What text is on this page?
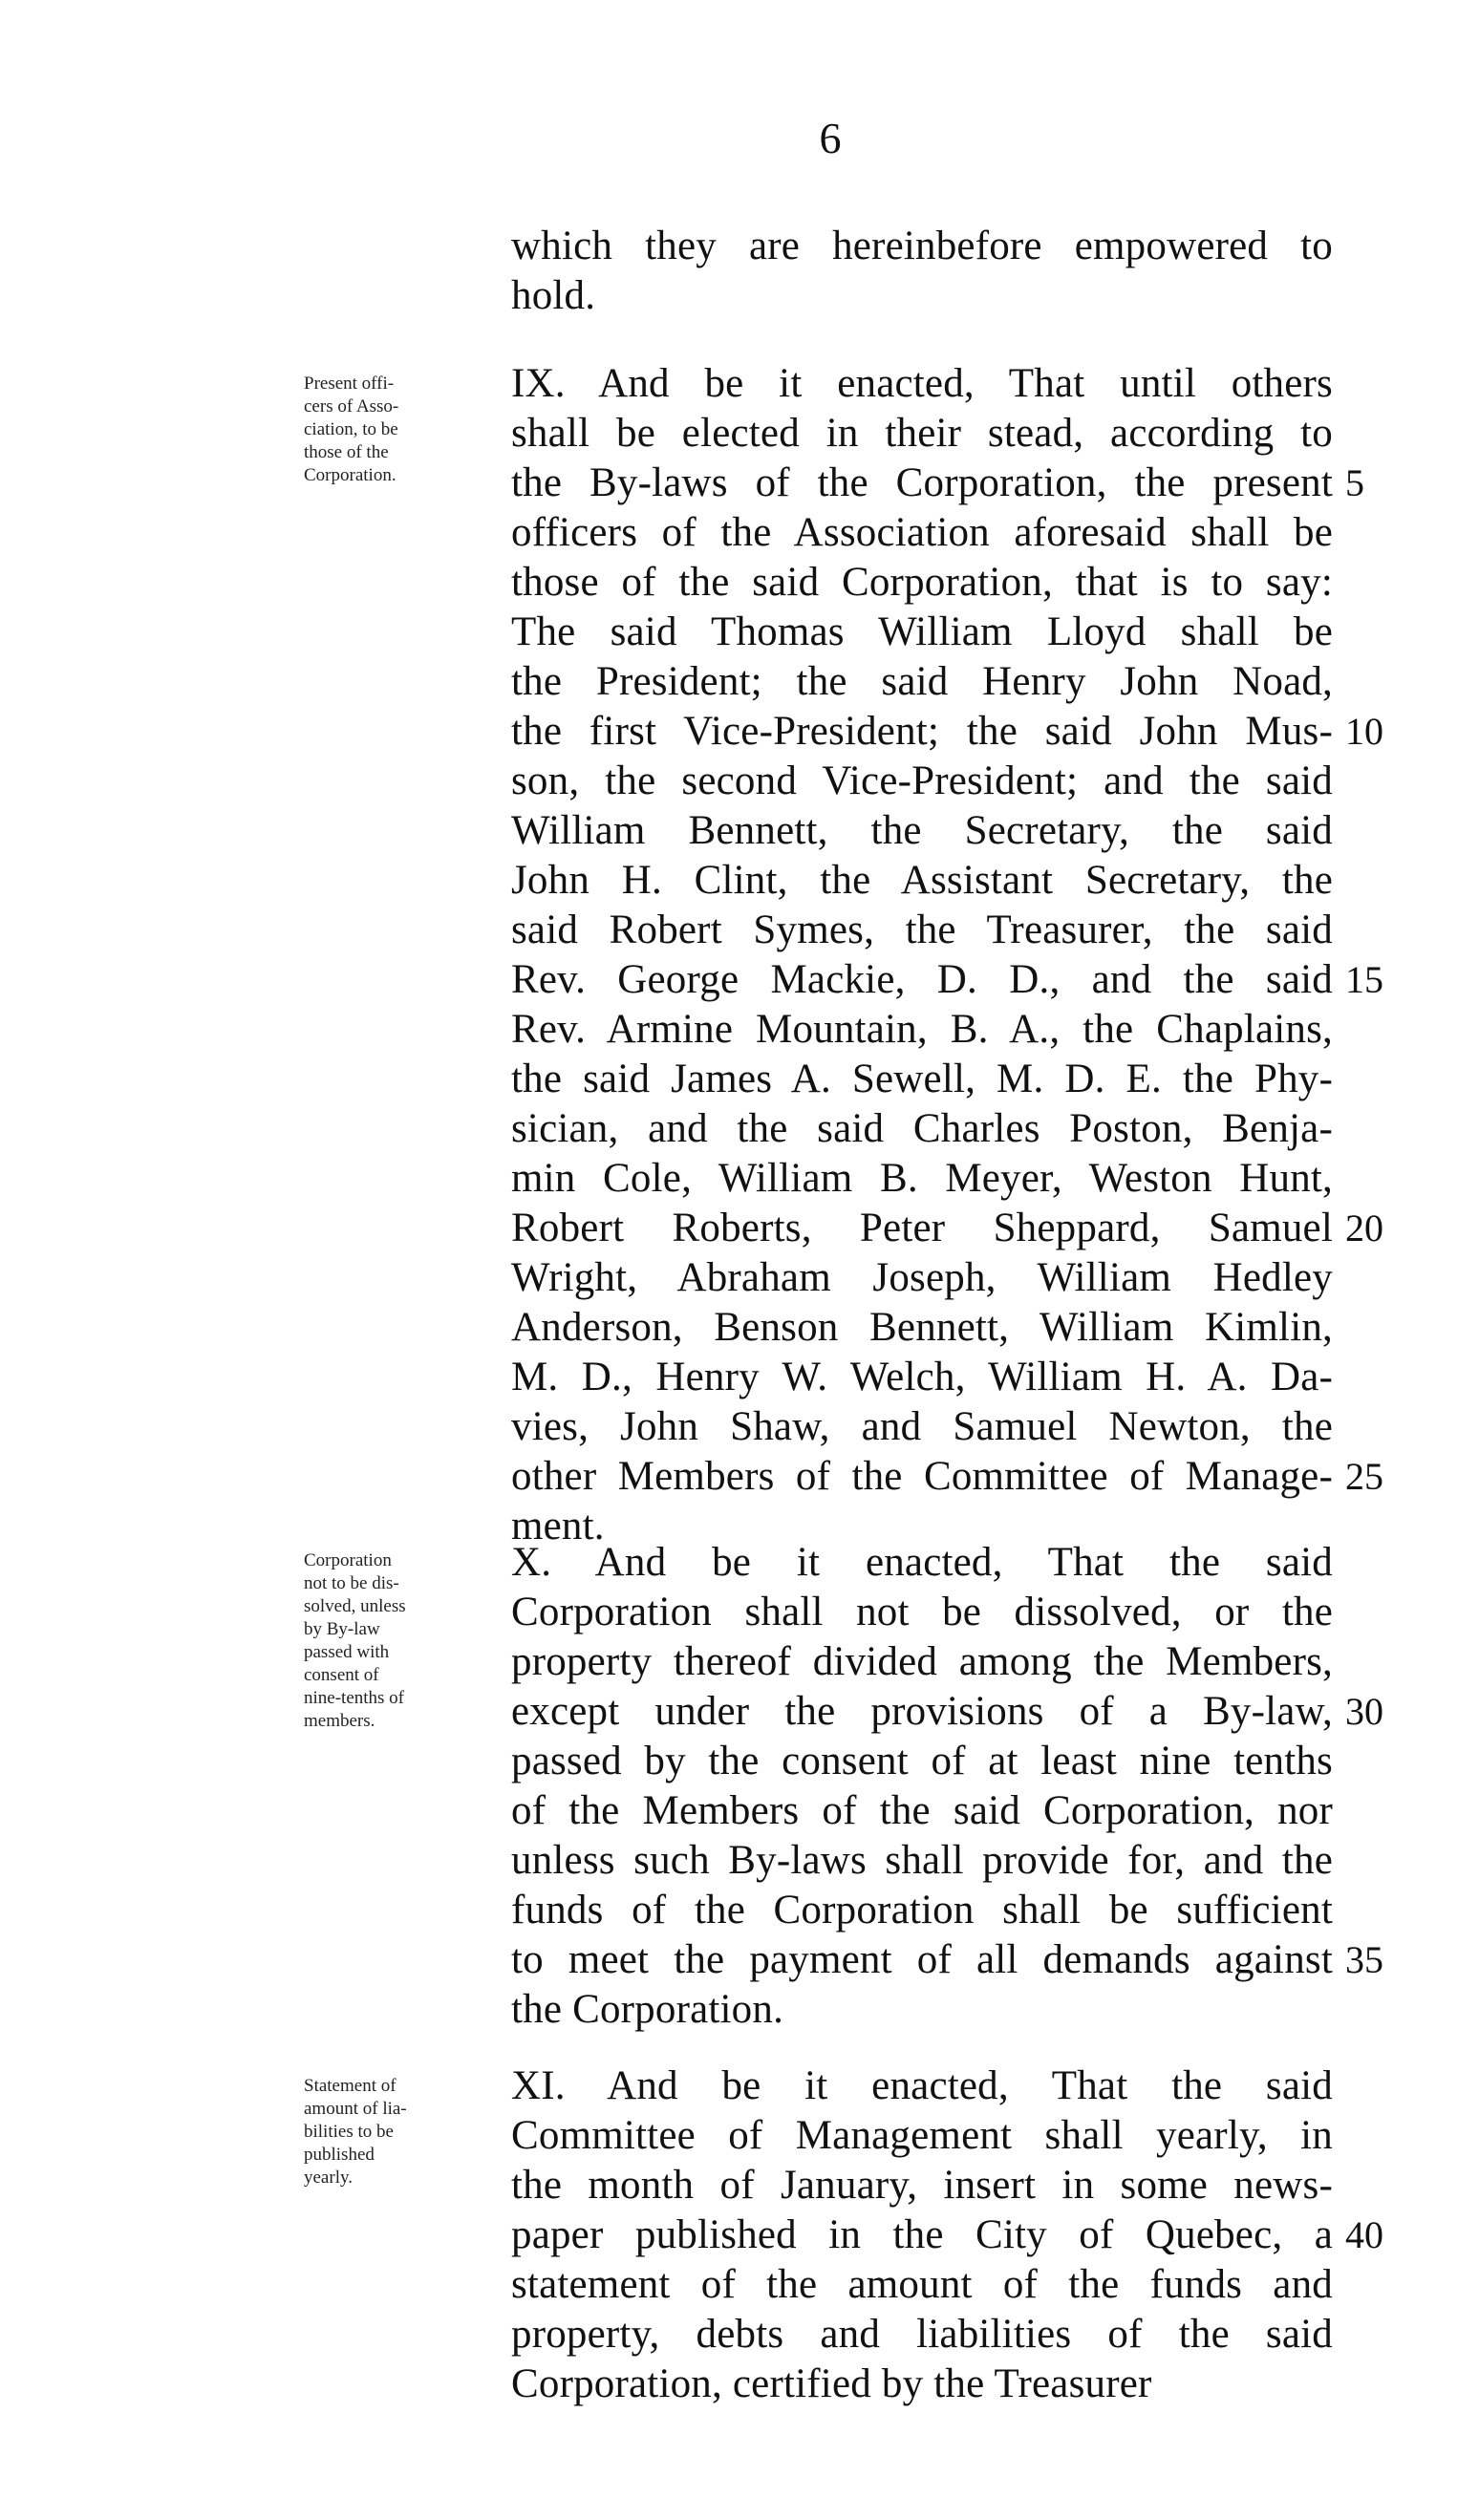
6
which they are hereinbefore empowered to
hold.
Present offi-
cers of Asso-
ciation, to be
those of the
Corporation.
IX. And be it enacted, That until others
shall be elected in their stead, according to
the By-laws of the Corporation, the present 5
officers of the Association aforesaid shall be
those of the said Corporation, that is to say:
The said Thomas William Lloyd shall be
the President; the said Henry John Noad,
the first Vice-President; the said John Mus- 10
son, the second Vice-President; and the said
William Bennett, the Secretary, the said
John H. Clint, the Assistant Secretary, the
said Robert Symes, the Treasurer, the said
Rev. George Mackie, D. D., and the said 15
Rev. Armine Mountain, B. A., the Chaplains,
the said James A. Sewell, M. D. E. the Phy-
sician, and the said Charles Poston, Benja-
min Cole, William B. Meyer, Weston Hunt,
Robert Roberts, Peter Sheppard, Samuel 20
Wright, Abraham Joseph, William Hedley
Anderson, Benson Bennett, William Kimlin,
M. D., Henry W. Welch, William H. A. Da-
vies, John Shaw, and Samuel Newton, the
other Members of the Committee of Manage- 25
ment.
Corporation
not to be dis-
solved, unless
by By-law
passed with
consent of
nine-tenths of
members.
X. And be it enacted, That the said
Corporation shall not be dissolved, or the
property thereof divided among the Members,
except under the provisions of a By-law, 30
passed by the consent of at least nine tenths
of the Members of the said Corporation, nor
unless such By-laws shall provide for, and the
funds of the Corporation shall be sufficient
to meet the payment of all demands against 35
the Corporation.
Statement of
amount of lia-
bilities to be
published
yearly.
XI. And be it enacted, That the said
Committee of Management shall yearly, in
the month of January, insert in some news-
paper published in the City of Quebec, a 40
statement of the amount of the funds and
property, debts and liabilities of the said
Corporation, certified by the Treasurer
